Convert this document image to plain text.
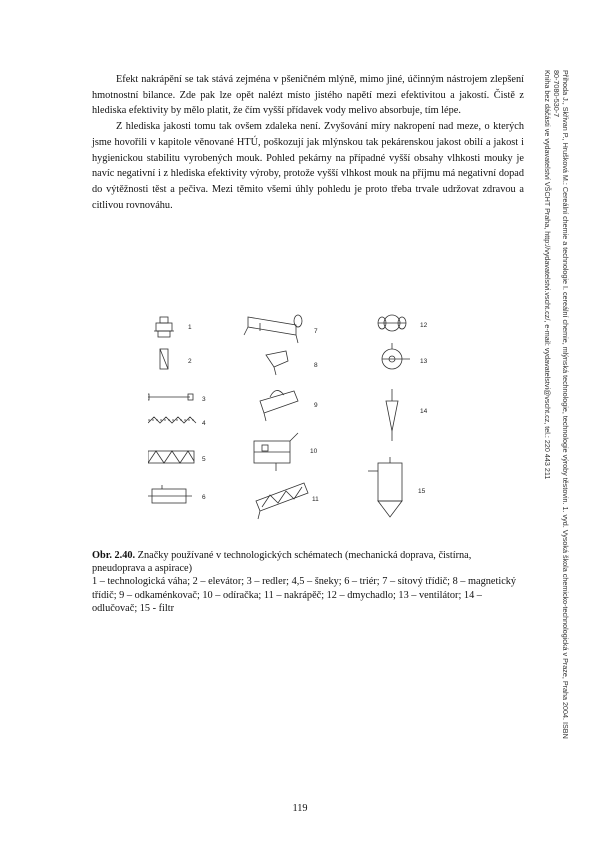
Efekt nakrápění se tak stává zejména v pšeničném mlýně, mimo jiné, účinným nástrojem zlepšení hmotnostní bilance. Zde pak lze opět nalézt místo jistého napětí mezi efektivitou a jakostí. Čistě z hlediska efektivity by mělo platit, že čím vyšší přídavek vody melivo absorbuje, tím lépe.

Z hlediska jakosti tomu tak ovšem zdaleka není. Zvyšování míry nakropení nad meze, o kterých jsme hovořili v kapitole věnované HTÚ, poškozují jak mlýnskou tak pekárenskou jakost obilí a jakost i hygienickou stabilitu vyrobených mouk. Pohled pekárny na případné vyšší obsahy vlhkosti mouky je navíc negativní i z hlediska efektivity výroby, protože vyšší vlhkost mouk na příjmu má negativní dopad do výtěžnosti těst a pečiva. Mezi těmito všemi úhly pohledu je proto třeba trvale udržovat zdravou a citlivou rovnováhu.	Příhoda J., Skřivan P., Hrušková M.: Cereální chemie a technologie I. cereální chemie, mlýnská technologie, technologie výroby těstovin. 1. vyd. Vysoká škola chemicko-technologická v Praze, Praha 2004. ISBN
80-7080-530-7
Kniha bez dáčásti ve vydavatelství VŠCHT Praha, http://vydavatelstvi.vscht.cz/, e-mail: vydavatelstvi@vscht.cz, tel.: 220 443 211
1
2
3
4
5
6
7
8
9
10
11
12
13
14
15

Obr. 2.40. Značky používané v technologických schématech (mechanická doprava, čistírna, pneudoprava a aspirace)

1 – technologická váha; 2 – elevátor; 3 – redler; 4,5 – šneky; 6 – triér; 7 – sítový třídič; 8 – magnetický třídič; 9 – odkaménkovač; 10 – odíračka; 11 – nakrápěč; 12 – dmychadlo; 13 – ventilátor; 14 – odlučovač; 15 - filtr

119
